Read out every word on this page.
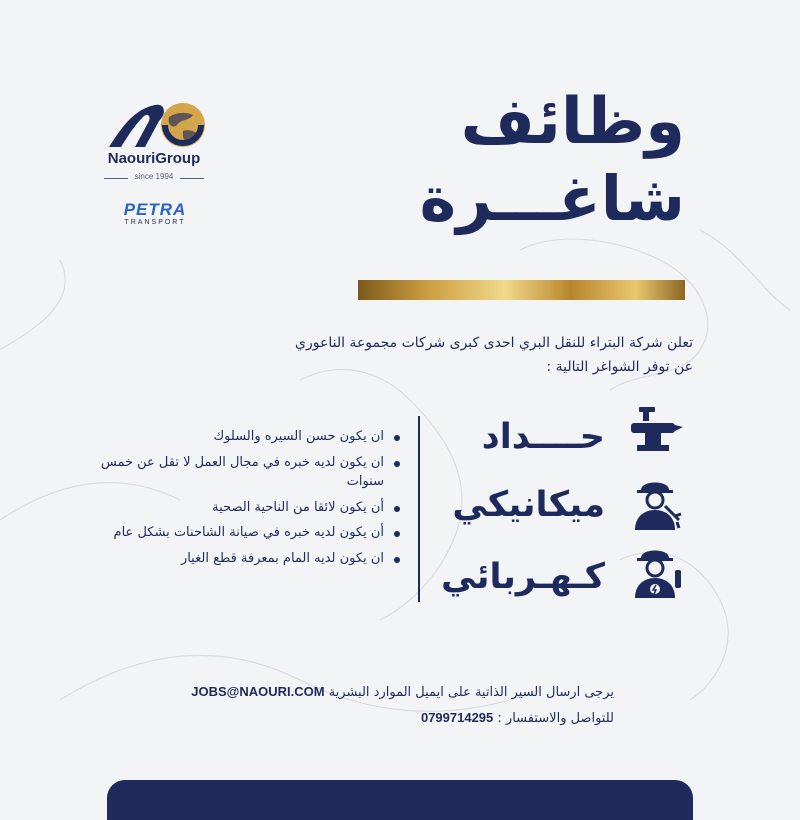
NaouriGroup
since 1994
PETRA
TRANSPORT
وظائف
شاغـــرة
تعلن شركة البتراء للنقل البري احدى كبرى شركات مجموعة الناعوري
عن توفر الشواغر التالية :
حــــداد
ميكانيكي
كـهـربائي
ان يكون حسن السيره والسلوك
ان يكون لديه خبره في مجال العمل لا تقل عن خمس سنوات
أن يكون لائقا من الناحية الصحية
أن يكون لديه خبره في صيانة الشاحنات بشكل عام
ان يكون لديه المام بمعرفة قطع الغيار
يرجى ارسال السير الذاتية على ايميل الموارد البشرية JOBS@NAOURI.COM
للتواصل والاستفسار : 0799714295
